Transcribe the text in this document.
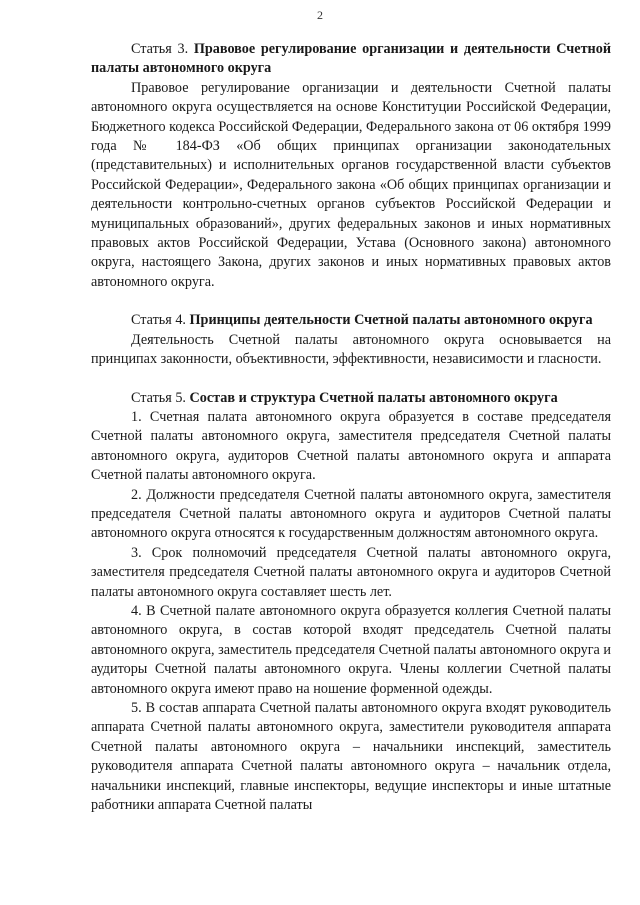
2

Статья 3. Правовое регулирование организации и деятельности Счетной палаты автономного округа

Правовое регулирование организации и деятельности Счетной палаты автономного округа осуществляется на основе Конституции Российской Федерации, Бюджетного кодекса Российской Федерации, Федерального закона от 06 октября 1999 года № 184-ФЗ «Об общих принципах организации законодательных (представительных) и исполнительных органов государственной власти субъектов Российской Федерации», Федерального закона «Об общих принципах организации и деятельности контрольно-счетных органов субъектов Российской Федерации и муниципальных образований», других федеральных законов и иных нормативных правовых актов Российской Федерации, Устава (Основного закона) автономного округа, настоящего Закона, других законов и иных нормативных правовых актов автономного округа.

Статья 4. Принципы деятельности Счетной палаты автономного округа

Деятельность Счетной палаты автономного округа основывается на принципах законности, объективности, эффективности, независимости и гласности.

Статья 5. Состав и структура Счетной палаты автономного округа

1. Счетная палата автономного округа образуется в составе председателя Счетной палаты автономного округа, заместителя председателя Счетной палаты автономного округа, аудиторов Счетной палаты автономного округа и аппарата Счетной палаты автономного округа.

2. Должности председателя Счетной палаты автономного округа, заместителя председателя Счетной палаты автономного округа и аудиторов Счетной палаты автономного округа относятся к государственным должностям автономного округа.

3. Срок полномочий председателя Счетной палаты автономного округа, заместителя председателя Счетной палаты автономного округа и аудиторов Счетной палаты автономного округа составляет шесть лет.

4. В Счетной палате автономного округа образуется коллегия Счетной палаты автономного округа, в состав которой входят председатель Счетной палаты автономного округа, заместитель председателя Счетной палаты автономного округа и аудиторы Счетной палаты автономного округа. Члены коллегии Счетной палаты автономного округа имеют право на ношение форменной одежды.

5. В состав аппарата Счетной палаты автономного округа входят руководитель аппарата Счетной палаты автономного округа, заместители руководителя аппарата Счетной палаты автономного округа – начальники инспекций, заместитель руководителя аппарата Счетной палаты автономного округа – начальник отдела, начальники инспекций, главные инспекторы, ведущие инспекторы и иные штатные работники аппарата Счетной палаты
